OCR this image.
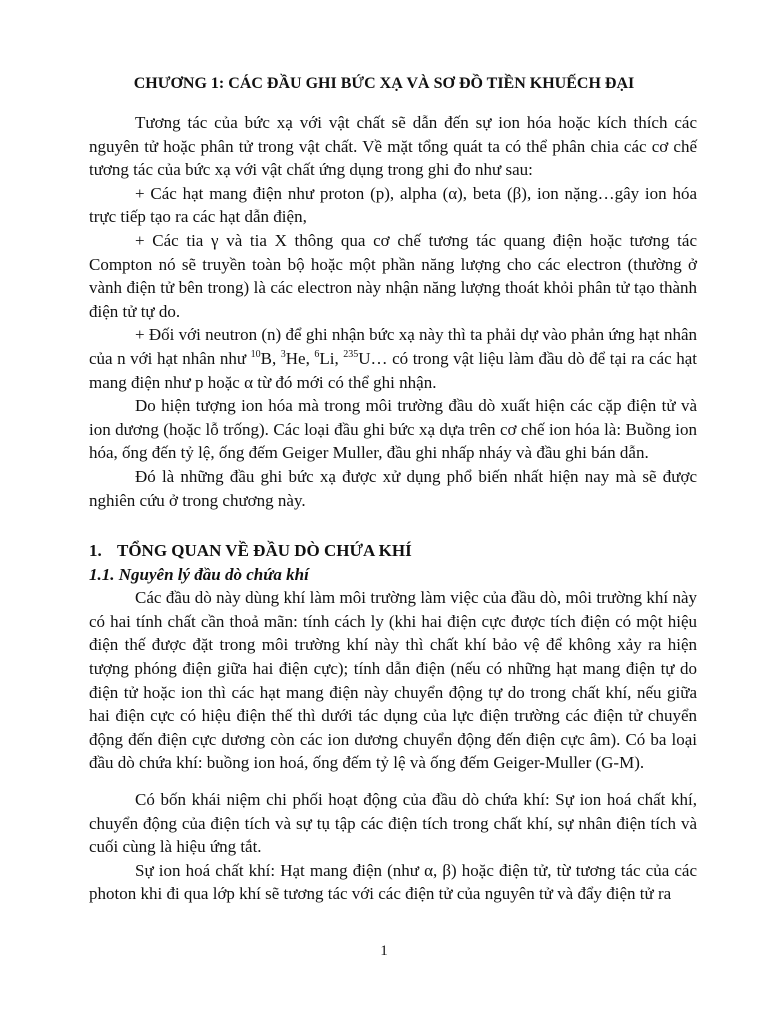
CHƯƠNG 1: CÁC ĐẦU GHI BỨC XẠ VÀ SƠ ĐỒ TIỀN KHUẾCH ĐẠI

Tương tác của bức xạ với vật chất sẽ dẫn đến sự ion hóa hoặc kích thích các nguyên tử hoặc phân tử trong vật chất. Về mặt tổng quát ta có thể phân chia các cơ chế tương tác của bức xạ với vật chất ứng dụng trong ghi đo như sau:

+ Các hạt mang điện như proton (p), alpha (α), beta (β), ion nặng…gây ion hóa trực tiếp tạo ra các hạt dẫn điện,

+ Các tia γ và tia X thông qua cơ chế tương tác quang điện hoặc tương tác Compton nó sẽ truyền toàn bộ hoặc một phần năng lượng cho các electron (thường ở vành điện tử bên trong) là các electron này nhận năng lượng thoát khỏi phân tử tạo thành điện tử tự do.

+ Đối với neutron (n) để ghi nhận bức xạ này thì ta phải dự vào phản ứng hạt nhân của n với hạt nhân như $^{10}$B, $^3$He, $^6$Li, $^{235}$U… có trong vật liệu làm đầu dò để tại ra các hạt mang điện như p hoặc α từ đó mới có thể ghi nhận.

Do hiện tượng ion hóa mà trong môi trường đầu dò xuất hiện các cặp điện tử và ion dương (hoặc lỗ trống). Các loại đầu ghi bức xạ dựa trên cơ chế ion hóa là: Buồng ion hóa, ống đến tỷ lệ, ống đếm Geiger Muller, đầu ghi nhấp nháy và đầu ghi bán dẫn.

Đó là những đầu ghi bức xạ được xử dụng phổ biến nhất hiện nay mà sẽ được nghiên cứu ở trong chương này.

1. TỔNG QUAN VỀ ĐẦU DÒ CHỨA KHÍ
1.1. Nguyên lý đầu dò chứa khí

Các đầu dò này dùng khí làm môi trường làm việc của đầu dò, môi trường khí này có hai tính chất cần thoả mãn: tính cách ly (khi hai điện cực được tích điện có một hiệu điện thế được đặt trong môi trường khí này thì chất khí bảo vệ để không xảy ra hiện tượng phóng điện giữa hai điện cực); tính dẫn điện (nếu có những hạt mang điện tự do điện tử hoặc ion thì các hạt mang điện này chuyển động tự do trong chất khí, nếu giữa hai điện cực có hiệu điện thế thì dưới tác dụng của lực điện trường các điện tử chuyển động đến điện cực dương còn các ion dương chuyển động đến điện cực âm). Có ba loại đầu dò chứa khí: buồng ion hoá, ống đếm tỷ lệ và ống đếm Geiger-Muller (G-M).

Có bốn khái niệm chi phối hoạt động của đầu dò chứa khí: Sự ion hoá chất khí, chuyển động của điện tích và sự tụ tập các điện tích trong chất khí, sự nhân điện tích và cuối cùng là hiệu ứng tắt.

Sự ion hoá chất khí: Hạt mang điện (như α, β) hoặc điện tử, từ tương tác của các photon khi đi qua lớp khí sẽ tương tác với các điện tử của nguyên tử và đẩy điện tử ra

1
